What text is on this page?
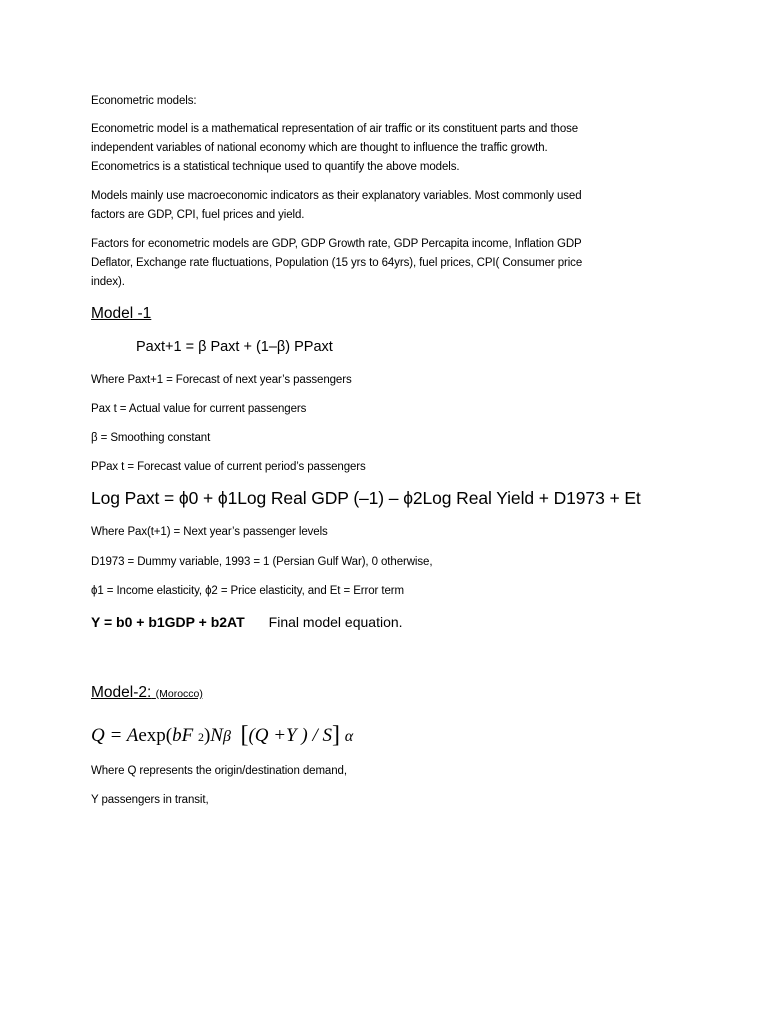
Econometric models:
Econometric model is a mathematical representation of air traffic or its constituent parts and those
independent variables of national economy which are thought to influence the traffic growth.
Econometrics is a statistical technique used to quantify the above models.
Models mainly use macroeconomic indicators as their explanatory variables. Most commonly used
factors are GDP, CPI, fuel prices and yield.
Factors for econometric models are GDP, GDP Growth rate, GDP Percapita income, Inflation GDP
Deflator, Exchange rate fluctuations, Population (15 yrs to 64yrs), fuel prices, CPI( Consumer price
index).
Model -1
Paxt+1 = β Paxt + (1–β) PPaxt
Where Paxt+1 = Forecast of next year’s passengers
Pax t = Actual value for current passengers
β = Smoothing constant
PPax t = Forecast value of current period’s passengers
Log Paxt = ϕ0 + ϕ1Log Real GDP (–1) – ϕ2Log Real Yield + D1973 + Et
Where Pax(t+1) = Next year’s passenger levels
D1973 = Dummy variable, 1993 = 1 (Persian Gulf War), 0 otherwise,
ϕ1 = Income elasticity, ϕ2 = Price elasticity, and Et = Error term
Y = b0 + b1GDP + b2AT Final model equation.
Model-2: (Morocco)
Q = Aexp(bF 2)Nβ [(Q +Y ) / S] α
Where Q represents the origin/destination demand,
Y passengers in transit,
